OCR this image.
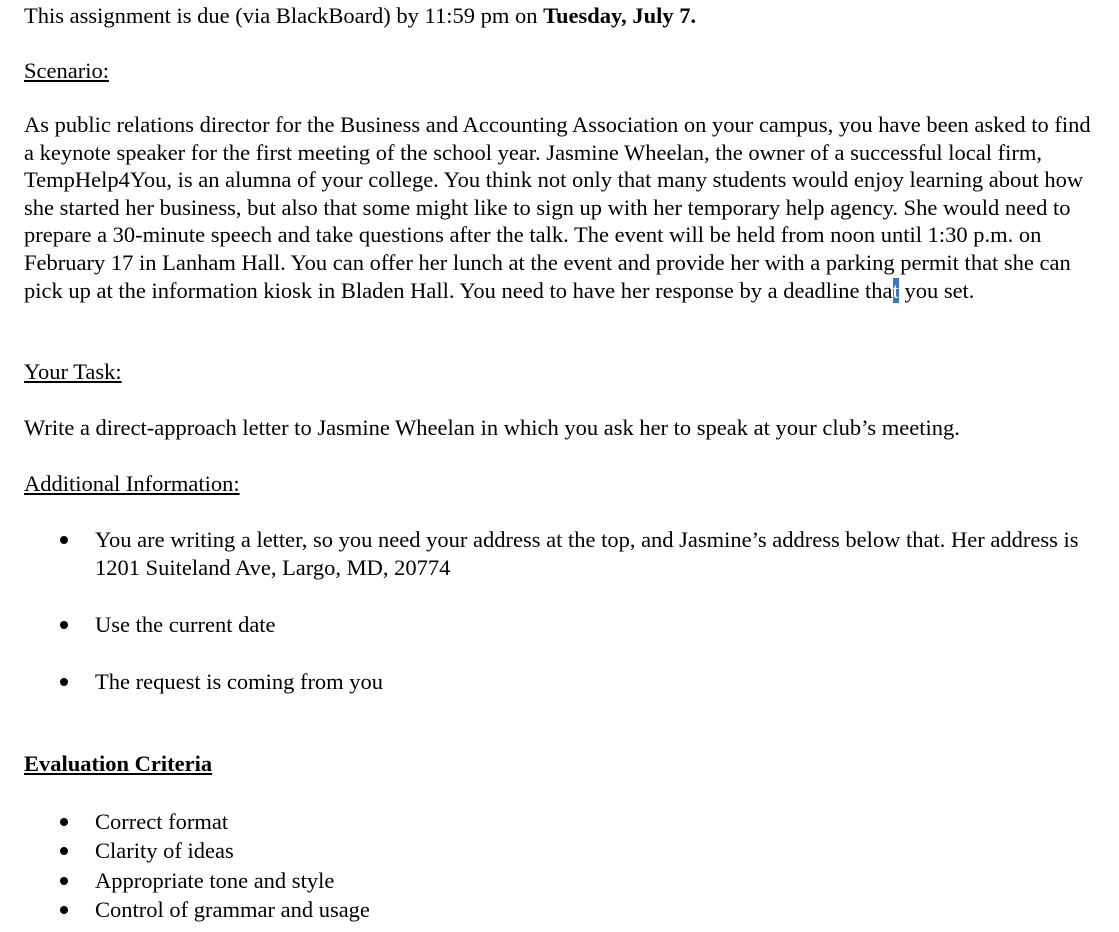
This assignment is due (via BlackBoard) by 11:59 pm on Tuesday, July 7.
Scenario:
As public relations director for the Business and Accounting Association on your campus, you have been asked to find a keynote speaker for the first meeting of the school year. Jasmine Wheelan, the owner of a successful local firm, TempHelp4You, is an alumna of your college. You think not only that many students would enjoy learning about how she started her business, but also that some might like to sign up with her temporary help agency. She would need to prepare a 30-minute speech and take questions after the talk. The event will be held from noon until 1:30 p.m. on February 17 in Lanham Hall. You can offer her lunch at the event and provide her with a parking permit that she can pick up at the information kiosk in Bladen Hall. You need to have her response by a deadline that you set.
Your Task:
Write a direct-approach letter to Jasmine Wheelan in which you ask her to speak at your club’s meeting.
Additional Information:
You are writing a letter, so you need your address at the top, and Jasmine’s address below that. Her address is 1201 Suiteland Ave, Largo, MD, 20774
Use the current date
The request is coming from you
Evaluation Criteria
Correct format
Clarity of ideas
Appropriate tone and style
Control of grammar and usage
